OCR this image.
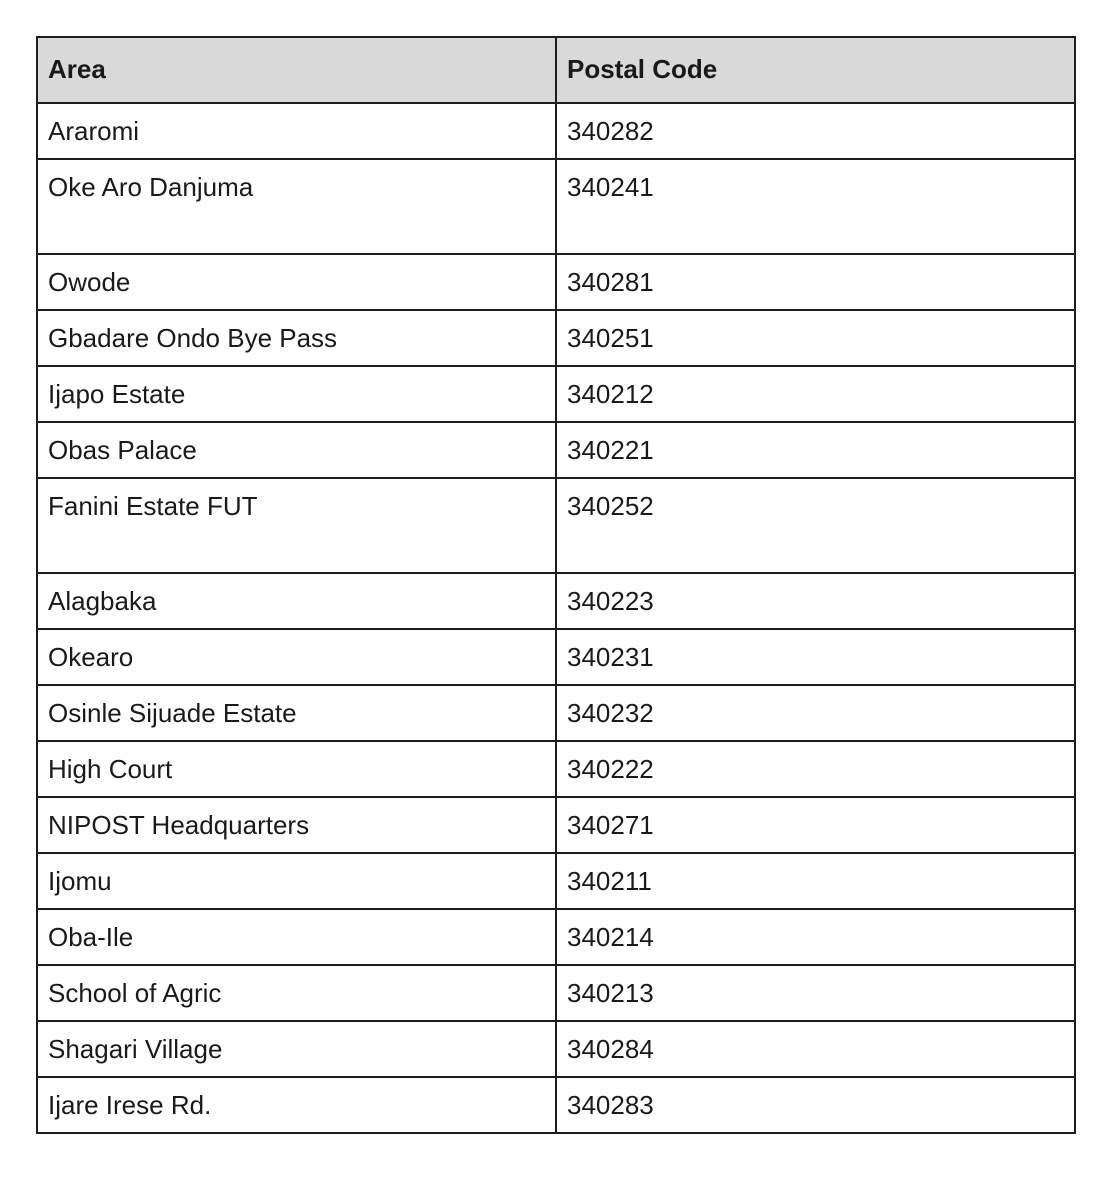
Area	Postal Code
Araromi	340282
Oke Aro Danjuma	340241
Owode	340281
Gbadare Ondo Bye Pass	340251
Ijapo Estate	340212
Obas Palace	340221
Fanini Estate FUT	340252
Alagbaka	340223
Okearo	340231
Osinle Sijuade Estate	340232
High Court	340222
NIPOST Headquarters	340271
Ijomu	340211
Oba-Ile	340214
School of Agric	340213
Shagari Village	340284
Ijare Irese Rd.	340283
